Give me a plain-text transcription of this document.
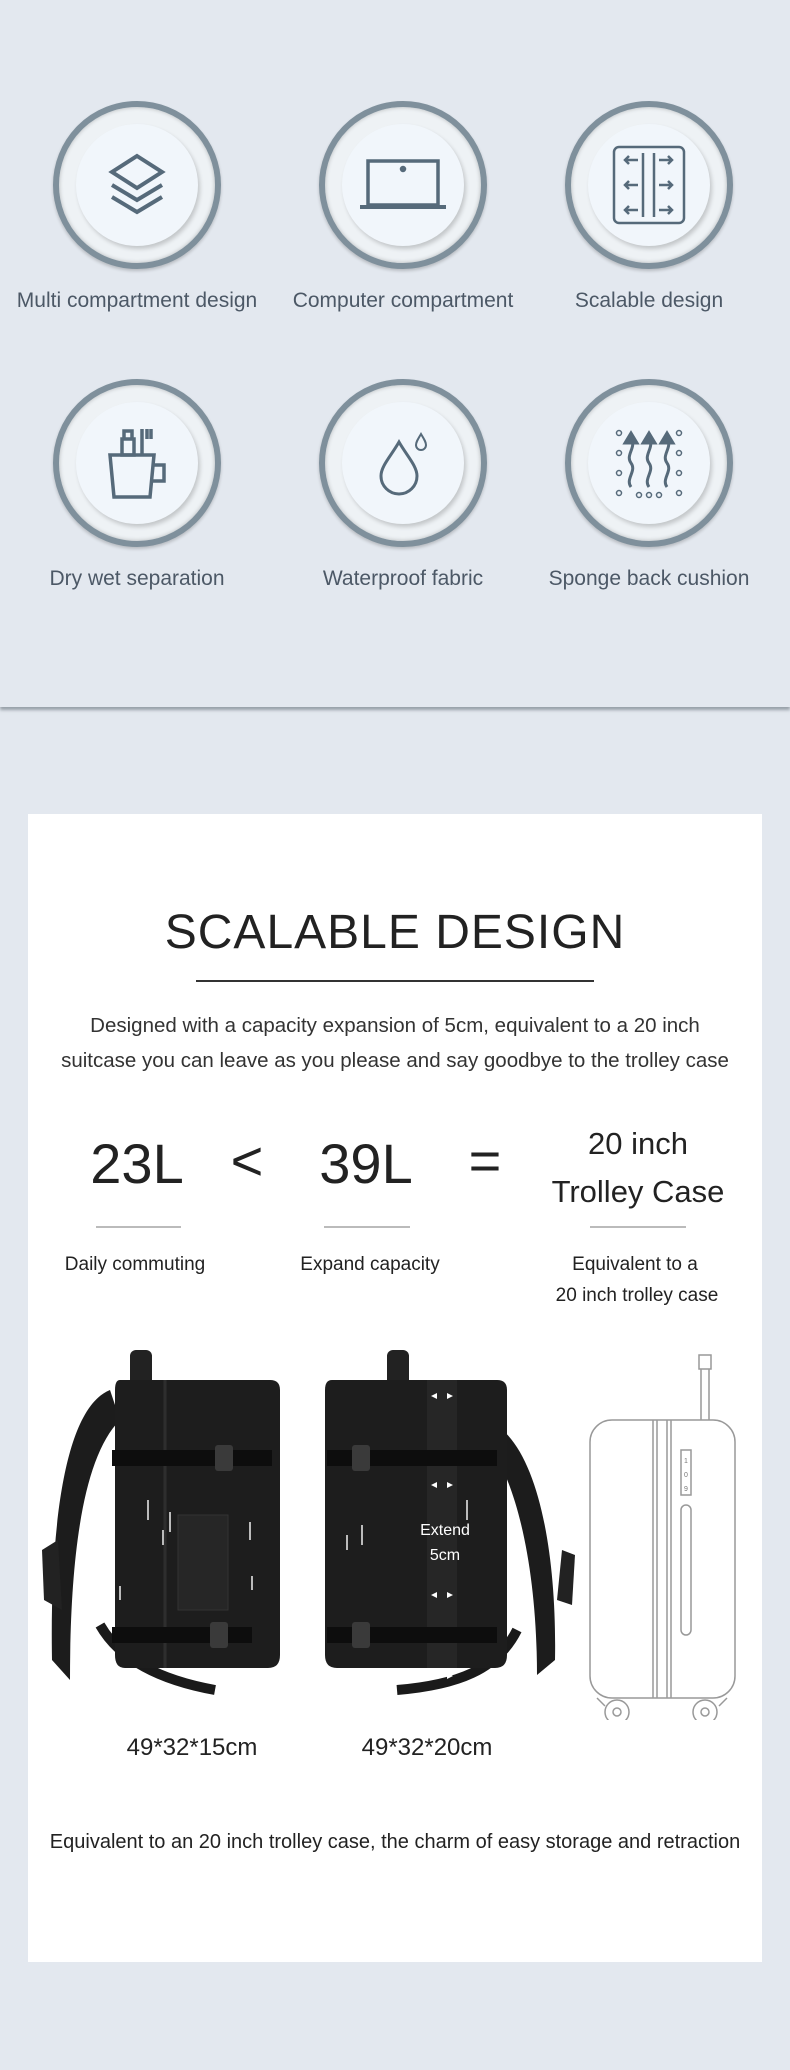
Multi compartment design	Computer compartment	Scalable design
Dry wet separation	Waterproof fabric	Sponge back cushion
SCALABLE DESIGN
Designed with a capacity expansion of 5cm, equivalent to a 20 inch
suitcase you can leave as you please and say goodbye to the trolley case
23L < 39L =	20 inch
Trolley Case
Daily commuting	Expand capacity	Equivalent to a
20 inch trolley case
Extend
5cm
1
0
9
49*32*15cm	49*32*20cm
Equivalent to an 20 inch trolley case, the charm of easy storage and retraction
